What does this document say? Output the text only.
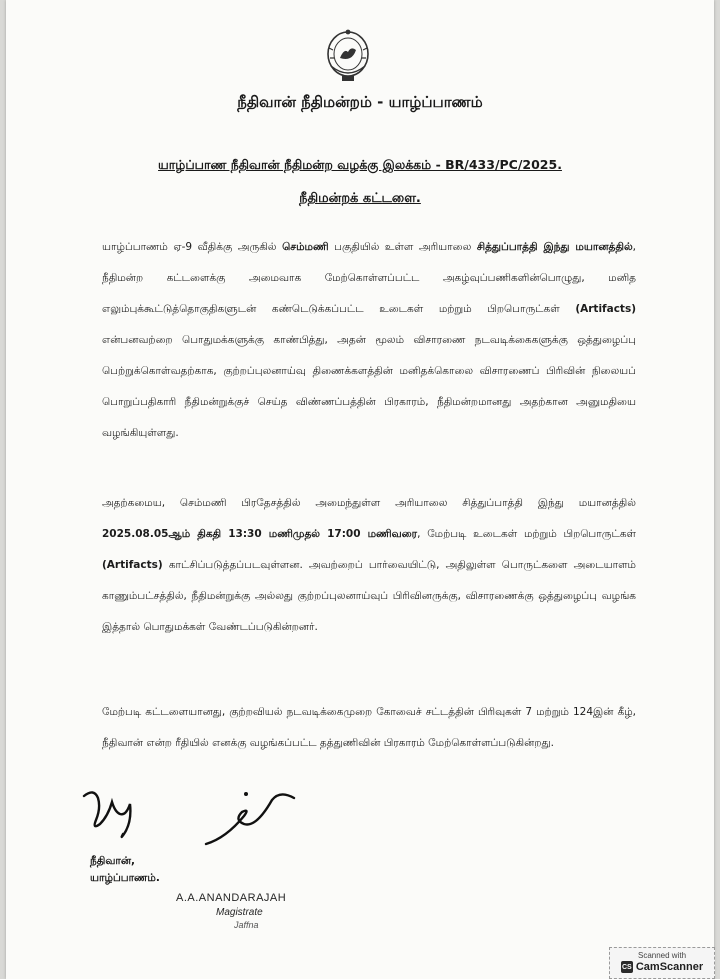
நீதிவான் நீதிமன்றம் - யாழ்ப்பாணம்
யாழ்ப்பாண நீதிவான் நீதிமன்ற வழக்கு இலக்கம் - BR/433/PC/2025.
நீதிமன்றக் கட்டளை.

யாழ்ப்பாணம் ஏ-9 வீதிக்கு அருகில் செம்மணி பகுதியில் உள்ள அரியாலை சித்துப்பாத்தி இந்து மயானத்தில், நீதிமன்ற கட்டளைக்கு அமைவாக மேற்கொள்ளப்பட்ட அகழ்வுப்பணிகளின்பொழுது, மனித எலும்புக்கூட்டுத்தொகுதிகளுடன் கண்டெடுக்கப்பட்ட உடைகள் மற்றும் பிறபொருட்கள் (Artifacts) என்பனவற்றை பொதுமக்களுக்கு காண்பித்து, அதன் மூலம் விசாரணை நடவடிக்கைகளுக்கு ஒத்துழைப்பு பெற்றுக்கொள்வதற்காக, குற்றப்புலனாய்வு திணைக்களத்தின் மனிதக்கொலை விசாரணைப் பிரிவின் நிலையப் பொறுப்பதிகாரி நீதிமன்றுக்குச் செய்த விண்ணப்பத்தின் பிரகாரம், நீதிமன்றமானது அதற்கான அனுமதியை வழங்கியுள்ளது.

அதற்கமைய, செம்மணி பிரதேசத்தில் அமைந்துள்ள அரியாலை சித்துப்பாத்தி இந்து மயானத்தில் 2025.08.05ஆம் திகதி 13:30 மணிமுதல் 17:00 மணிவரை, மேற்படி உடைகள் மற்றும் பிறபொருட்கள் (Artifacts) காட்சிப்படுத்தப்படவுள்ளன. அவற்றைப் பார்வையிட்டு, அதிலுள்ள பொருட்களை அடையாளம் காணும்பட்சத்தில், நீதிமன்றுக்கு அல்லது குற்றப்புலனாய்வுப் பிரிவினருக்கு, விசாரணைக்கு ஒத்துழைப்பு வழங்க இத்தால் பொதுமக்கள் வேண்டப்படுகின்றனர்.

மேற்படி கட்டளையானது, குற்றவியல் நடவடிக்கைமுறை கோவைச் சட்டத்தின் பிரிவுகள் 7 மற்றும் 124இன் கீழ், நீதிவான் என்ற ரீதியில் எனக்கு வழங்கப்பட்ட தத்துணிவின் பிரகாரம் மேற்கொள்ளப்படுகின்றது.

நீதிவான்,
யாழ்ப்பாணம்.
A.A.ANANDARAJAH
Magistrate
Jaffna
Scanned with
CS CamScanner
